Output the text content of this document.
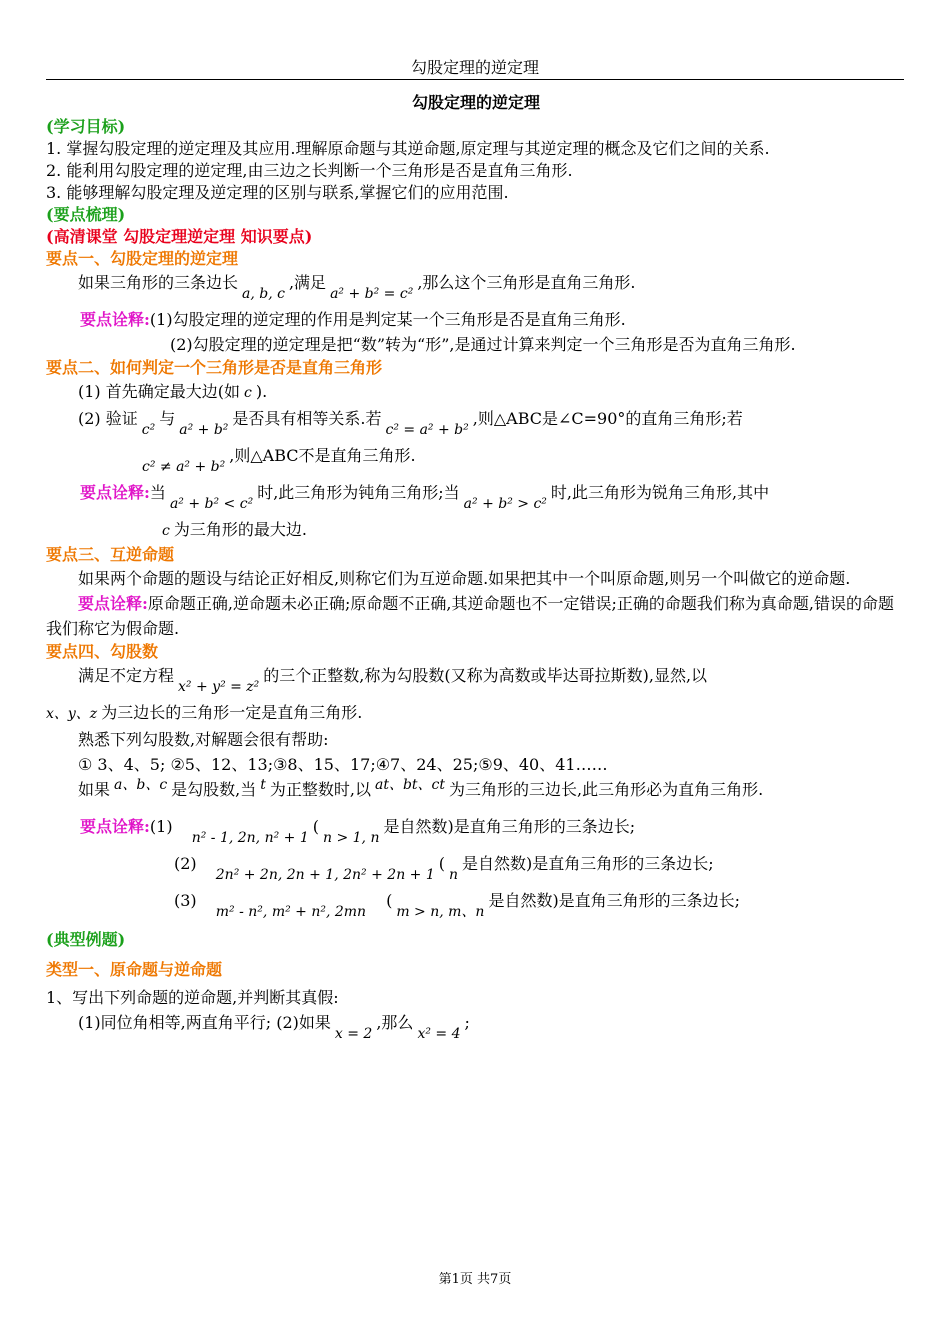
勾股定理的逆定理
勾股定理的逆定理
(学习目标)
1. 掌握勾股定理的逆定理及其应用.理解原命题与其逆命题,原定理与其逆定理的概念及它们之间的关系.
2. 能利用勾股定理的逆定理,由三边之长判断一个三角形是否是直角三角形.
3. 能够理解勾股定理及逆定理的区别与联系,掌握它们的应用范围.
(要点梳理)
(高清课堂 勾股定理逆定理 知识要点)
要点一、勾股定理的逆定理
如果三角形的三条边长a, b, c,满足a² + b² = c²,那么这个三角形是直角三角形.
要点诠释:(1)勾股定理的逆定理的作用是判定某一个三角形是否是直角三角形.
(2)勾股定理的逆定理是把“数”转为“形”,是通过计算来判定一个三角形是否为直角三角形.
要点二、如何判定一个三角形是否是直角三角形
(1) 首先确定最大边(如 c ).
(2) 验证c²与a² + b²是否具有相等关系.若c² = a² + b²,则△ABC是∠C=90°的直角三角形;若
c² ≠ a² + b²,则△ABC不是直角三角形.
要点诠释:当a² + b² < c²时,此三角形为钝角三角形;当a² + b² > c²时,此三角形为锐角三角形,其中
c 为三角形的最大边.
要点三、互逆命题
如果两个命题的题设与结论正好相反,则称它们为互逆命题.如果把其中一个叫原命题,则另一个叫做它的逆命题.
要点诠释:原命题正确,逆命题未必正确;原命题不正确,其逆命题也不一定错误;正确的命题我们称为真命题,错误的命题我们称它为假命题.
要点四、勾股数
满足不定方程x² + y² = z²的三个正整数,称为勾股数(又称为高数或毕达哥拉斯数),显然,以
x、y、z 为三边长的三角形一定是直角三角形.
熟悉下列勾股数,对解题会很有帮助:
① 3、4、5; ②5、12、13;③8、15、17;④7、24、25;⑤9、40、41……
如果 a、b、c 是勾股数,当 t 为正整数时,以 at、bt、ct 为三角形的三边长,此三角形必为直角三角形.
要点诠释:(1) n² - 1, 2n, n² + 1(n > 1, n是自然数)是直角三角形的三条边长;
(2) 2n² + 2n, 2n + 1, 2n² + 2n + 1(n是自然数)是直角三角形的三条边长;
(3) m² - n², m² + n², 2mn(m > n, m、n是自然数)是直角三角形的三条边长;
(典型例题)
类型一、原命题与逆命题
1、写出下列命题的逆命题,并判断其真假:
(1)同位角相等,两直角平行; (2)如果x = 2,那么x² = 4;
第1页 共7页
